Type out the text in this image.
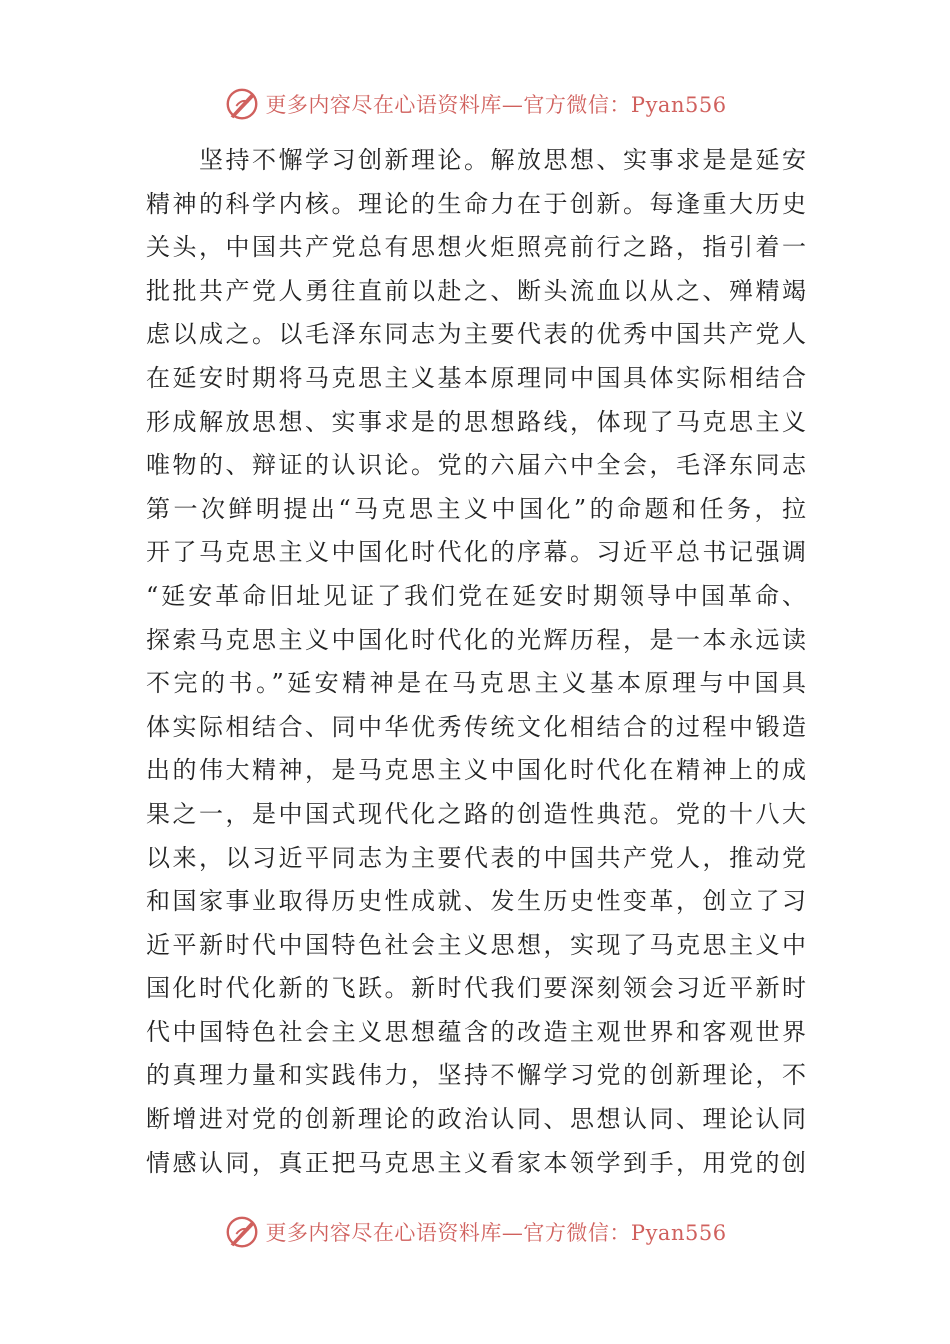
更多内容尽在心语资料库—官方微信：Pyan556
　　坚持不懈学习创新理论。解放思想、实事求是是延安
精神的科学内核。理论的生命力在于创新。每逢重大历史
关头，中国共产党总有思想火炬照亮前行之路，指引着一
批批共产党人勇往直前以赴之、断头流血以从之、殚精竭
虑以成之。以毛泽东同志为主要代表的优秀中国共产党人
在延安时期将马克思主义基本原理同中国具体实际相结合
形成解放思想、实事求是的思想路线，体现了马克思主义
唯物的、辩证的认识论。党的六届六中全会，毛泽东同志
第一次鲜明提出“马克思主义中国化”的命题和任务，拉
开了马克思主义中国化时代化的序幕。习近平总书记强调
“延安革命旧址见证了我们党在延安时期领导中国革命、
探索马克思主义中国化时代化的光辉历程，是一本永远读
不完的书。”延安精神是在马克思主义基本原理与中国具
体实际相结合、同中华优秀传统文化相结合的过程中锻造
出的伟大精神，是马克思主义中国化时代化在精神上的成
果之一，是中国式现代化之路的创造性典范。党的十八大
以来，以习近平同志为主要代表的中国共产党人，推动党
和国家事业取得历史性成就、发生历史性变革，创立了习
近平新时代中国特色社会主义思想，实现了马克思主义中
国化时代化新的飞跃。新时代我们要深刻领会习近平新时
代中国特色社会主义思想蕴含的改造主观世界和客观世界
的真理力量和实践伟力，坚持不懈学习党的创新理论，不
断增进对党的创新理论的政治认同、思想认同、理论认同
情感认同，真正把马克思主义看家本领学到手，用党的创
更多内容尽在心语资料库—官方微信：Pyan556
